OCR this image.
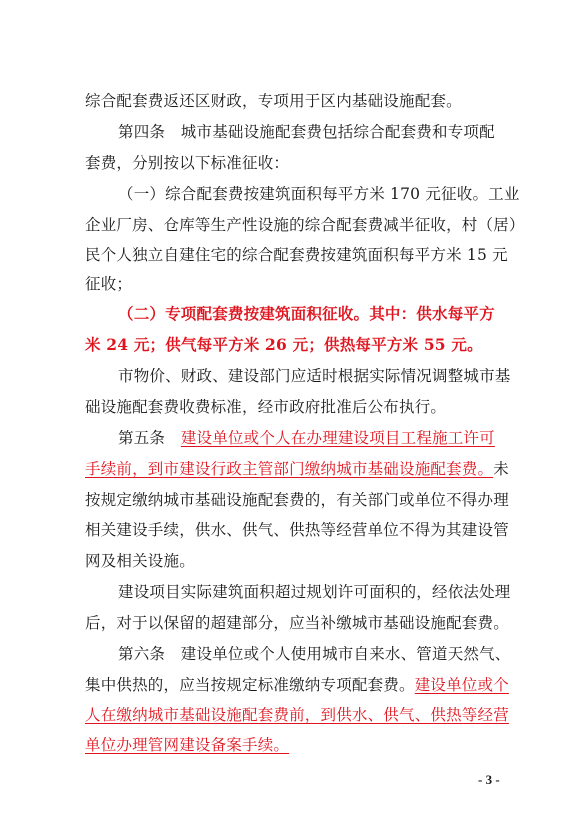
综合配套费返还区财政，专项用于区内基础设施配套。
第四条　城市基础设施配套费包括综合配套费和专项配
套费，分别按以下标准征收：
（一）综合配套费按建筑面积每平方米 170 元征收。工业
企业厂房、仓库等生产性设施的综合配套费减半征收，村（居）
民个人独立自建住宅的综合配套费按建筑面积每平方米 15 元
征收；
（二）专项配套费按建筑面积征收。其中：供水每平方
米 24 元；供气每平方米 26 元；供热每平方米 55 元。
市物价、财政、建设部门应适时根据实际情况调整城市基
础设施配套费收费标准，经市政府批准后公布执行。
第五条　建设单位或个人在办理建设项目工程施工许可
手续前，到市建设行政主管部门缴纳城市基础设施配套费。未
按规定缴纳城市基础设施配套费的，有关部门或单位不得办理
相关建设手续，供水、供气、供热等经营单位不得为其建设管
网及相关设施。
建设项目实际建筑面积超过规划许可面积的，经依法处理
后，对于以保留的超建部分，应当补缴城市基础设施配套费。
第六条　建设单位或个人使用城市自来水、管道天然气、
集中供热的，应当按规定标准缴纳专项配套费。建设单位或个
人在缴纳城市基础设施配套费前，到供水、供气、供热等经营
单位办理管网建设备案手续。
- 3 -
